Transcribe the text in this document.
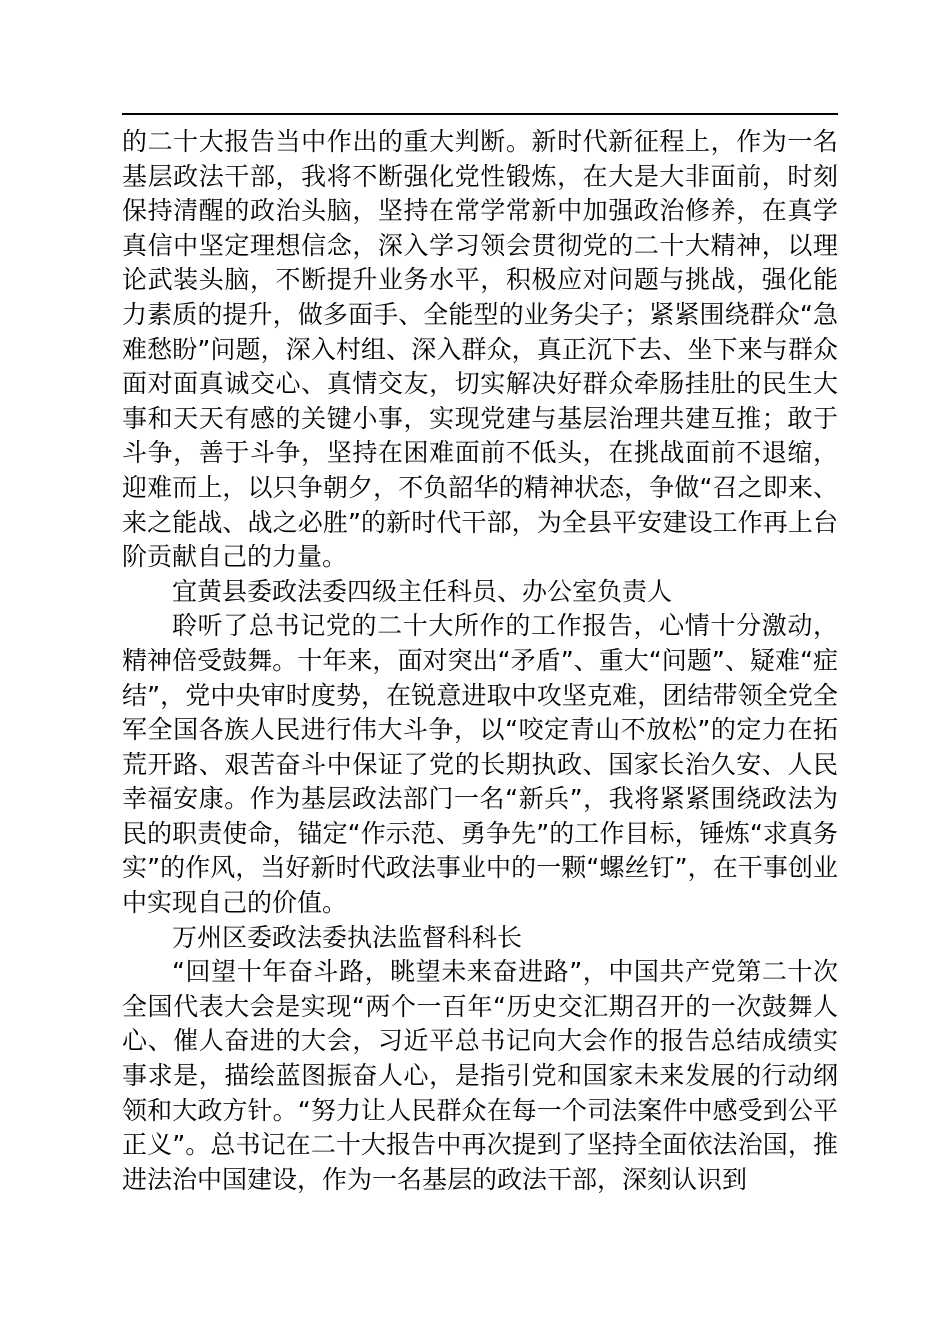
的二十大报告当中作出的重大判断。新时代新征程上，作为一名基层政法干部，我将不断强化党性锻炼，在大是大非面前，时刻保持清醒的政治头脑，坚持在常学常新中加强政治修养，在真学真信中坚定理想信念，深入学习领会贯彻党的二十大精神，以理论武装头脑，不断提升业务水平，积极应对问题与挑战，强化能力素质的提升，做多面手、全能型的业务尖子；紧紧围绕群众“急难愁盼”问题，深入村组、深入群众，真正沉下去、坐下来与群众面对面真诚交心、真情交友，切实解决好群众牵肠挂肚的民生大事和天天有感的关键小事，实现党建与基层治理共建互推；敢于斗争，善于斗争，坚持在困难面前不低头，在挑战面前不退缩，迎难而上，以只争朝夕，不负韶华的精神状态，争做“召之即来、来之能战、战之必胜”的新时代干部，为全县平安建设工作再上台阶贡献自己的力量。

宜黄县委政法委四级主任科员、办公室负责人

聆听了总书记党的二十大所作的工作报告，心情十分激动，精神倍受鼓舞。十年来，面对突出“矛盾”、重大“问题”、疑难“症结”，党中央审时度势，在锐意进取中攻坚克难，团结带领全党全军全国各族人民进行伟大斗争，以“咬定青山不放松”的定力在拓荒开路、艰苦奋斗中保证了党的长期执政、国家长治久安、人民幸福安康。作为基层政法部门一名“新兵”，我将紧紧围绕政法为民的职责使命，锚定“作示范、勇争先”的工作目标，锤炼“求真务实”的作风，当好新时代政法事业中的一颗“螺丝钉”，在干事创业中实现自己的价值。

万州区委政法委执法监督科科长

“回望十年奋斗路，眺望未来奋进路”，中国共产党第二十次全国代表大会是实现“两个一百年“历史交汇期召开的一次鼓舞人心、催人奋进的大会，习近平总书记向大会作的报告总结成绩实事求是，描绘蓝图振奋人心，是指引党和国家未来发展的行动纲领和大政方针。“努力让人民群众在每一个司法案件中感受到公平正义”。总书记在二十大报告中再次提到了坚持全面依法治国，推进法治中国建设，作为一名基层的政法干部，深刻认识到
